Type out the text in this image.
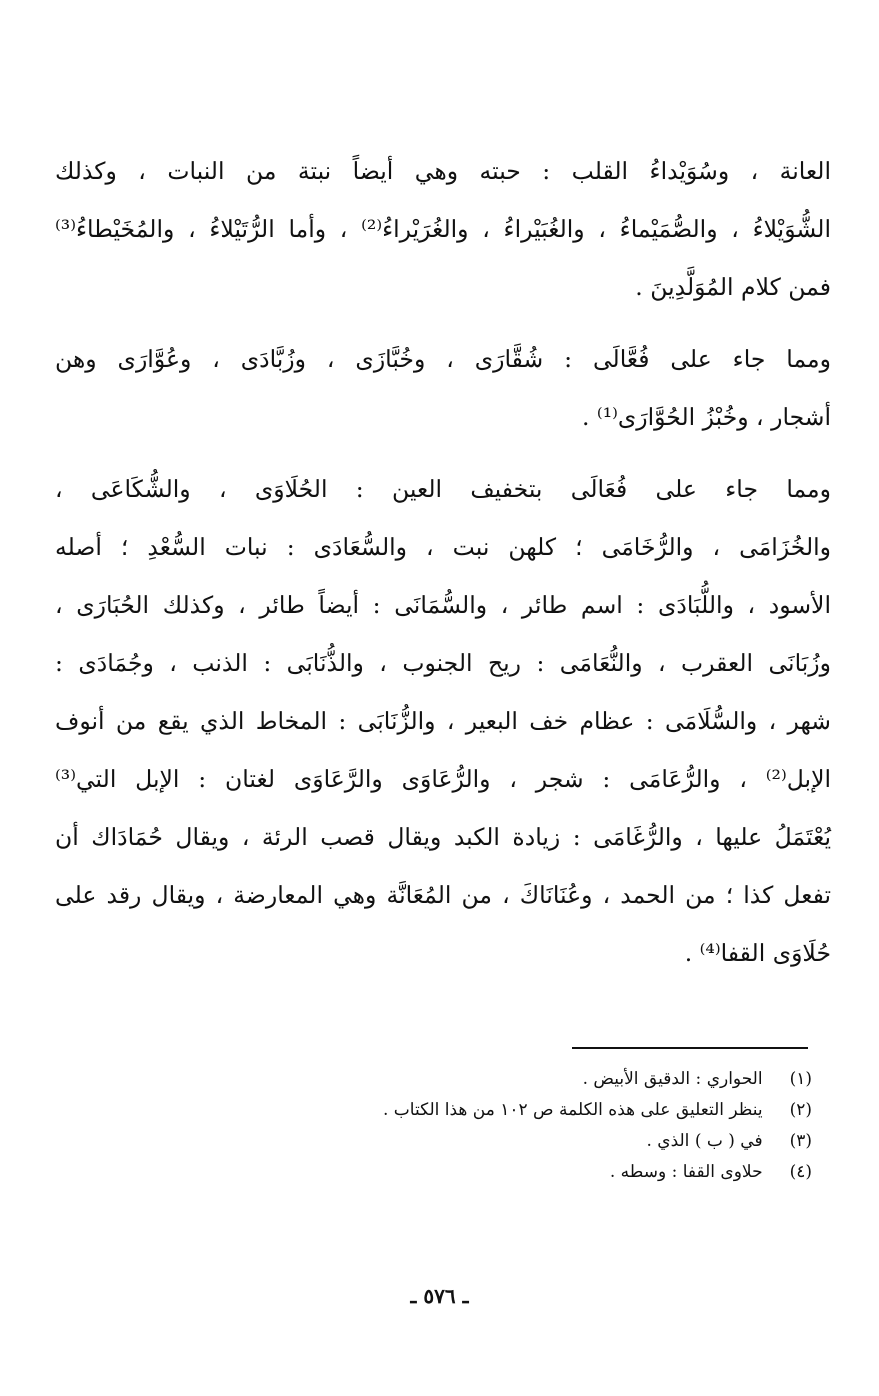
العانة ، وسُوَيْداءُ القلب : حبته وهي أيضاً نبتة من النبات ، وكذلك
الشُّوَيْلاءُ ، والصُّمَيْماءُ ، والغُبَيْراءُ ، والغُرَيْراءُ⁽²⁾ ، وأما الرُّتَيْلاءُ ، والمُخَيْطاءُ⁽³⁾
فمن كلام المُوَلَّدِينَ .

ومما جاء على فُعَّالَى : شُقَّارَى ، وخُبَّازَى ، وزُبَّادَى ، وعُوَّارَى وهن
أشجار ، وخُبْزُ الحُوَّارَى⁽¹⁾ .

ومما جاء على فُعَالَى بتخفيف العين : الحُلَاوَى ، والشُّكَاعَى ،
والخُزَامَى ، والرُّخَامَى ؛ كلهن نبت ، والسُّعَادَى : نبات السُّعْدِ ؛ أصله
الأسود ، واللُّبَادَى : اسم طائر ، والسُّمَانَى : أيضاً طائر ، وكذلك الحُبَارَى ،
وزُبَانَى العقرب ، والنُّعَامَى : ريح الجنوب ، والذُّنَابَى : الذنب ، وجُمَادَى :
شهر ، والسُّلَامَى : عظام خف البعير ، والزُّنَابَى : المخاط الذي يقع من أنوف
الإبل⁽²⁾ ، والرُّعَامَى : شجر ، والرُّعَاوَى والرَّعَاوَى لغتان : الإبل التي⁽³⁾
يُعْتَمَلُ عليها ، والرُّغَامَى : زيادة الكبد ويقال قصب الرئة ، ويقال حُمَادَاك أن
تفعل كذا ؛ من الحمد ، وعُنَانَاكَ ، من المُعَانَّة وهي المعارضة ، ويقال رقد على
حُلَاوَى القفا⁽⁴⁾ .

(١) الحواري : الدقيق الأبيض .
(٢) ينظر التعليق على هذه الكلمة ص ١٠٢ من هذا الكتاب .
(٣) في ( ب ) الذي .
(٤) حلاوى القفا : وسطه .
ـ ٥٧٦ ـ
